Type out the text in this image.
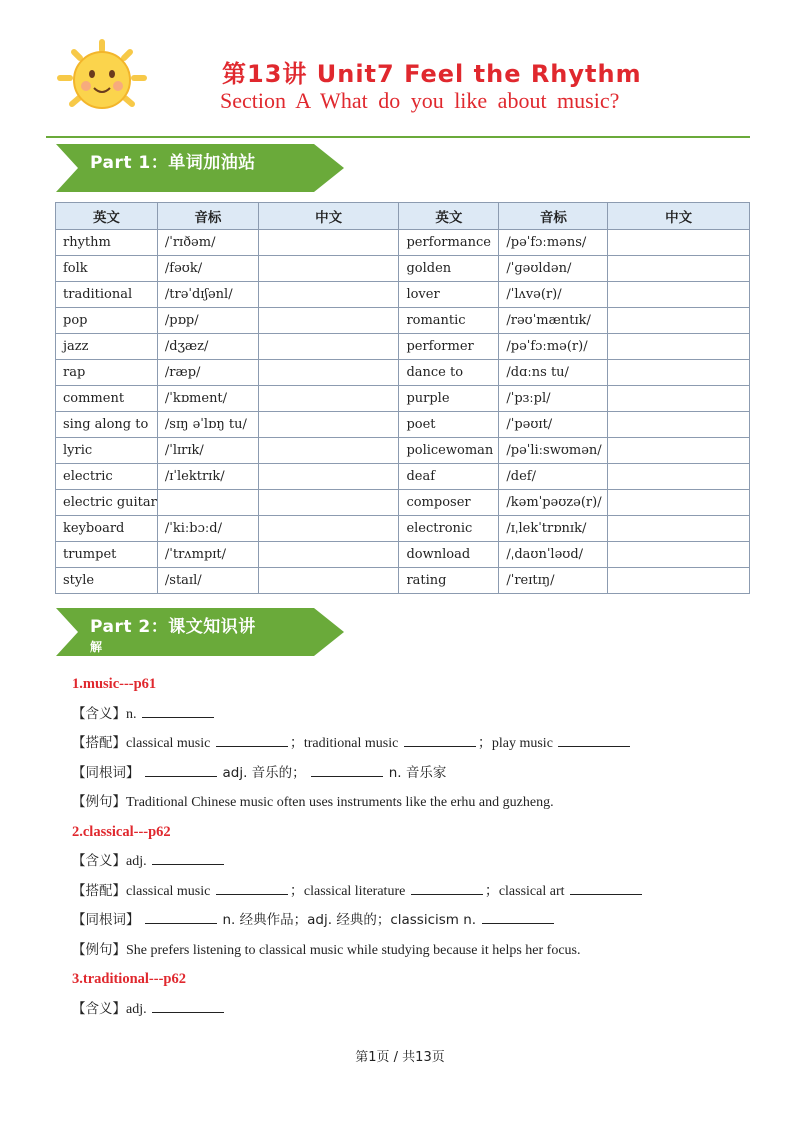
第13讲 Unit7 Feel the Rhythm
Section A What do you like about music?
Part 1：单词加油站
英文	音标	中文	英文	音标	中文
rhythm	/ˈrɪðəm/		performance	/pəˈfɔːməns/	
folk	/fəʊk/		golden	/ˈɡəʊldən/	
traditional	/trəˈdɪʃənl/		lover	/ˈlʌvə(r)/	
pop	/pɒp/		romantic	/rəʊˈmæntɪk/	
jazz	/dʒæz/		performer	/pəˈfɔːmə(r)/	
rap	/ræp/		dance to	/dɑːns tu/	
comment	/ˈkɒment/		purple	/ˈpɜːpl/	
sing along to	/sɪŋ əˈlɒŋ tu/		poet	/ˈpəʊɪt/	
lyric	/ˈlɪrɪk/		policewoman	/pəˈliːswʊmən/	
electric	/ɪˈlektrɪk/		deaf	/def/	
electric guitar			composer	/kəmˈpəʊzə(r)/	
keyboard	/ˈkiːbɔːd/		electronic	/ɪˌlekˈtrɒnɪk/	
trumpet	/ˈtrʌmpɪt/		download	/ˌdaʊnˈləʊd/	
style	/staɪl/		rating	/ˈreɪtɪŋ/	
Part 2：课文知识讲
解
1.music---p61
【含义】n.
【搭配】classical music	；traditional music	；play music
【同根词】	adj. 音乐的；	n. 音乐家
【例句】Traditional Chinese music often uses instruments like the erhu and guzheng.
2.classical---p62
【含义】adj.
【搭配】classical music	；classical literature	；classical art
【同根词】	n. 经典作品；adj. 经典的；classicism n.
【例句】She prefers listening to classical music while studying because it helps her focus.
3.traditional---p62
【含义】adj.
第1页 / 共13页
